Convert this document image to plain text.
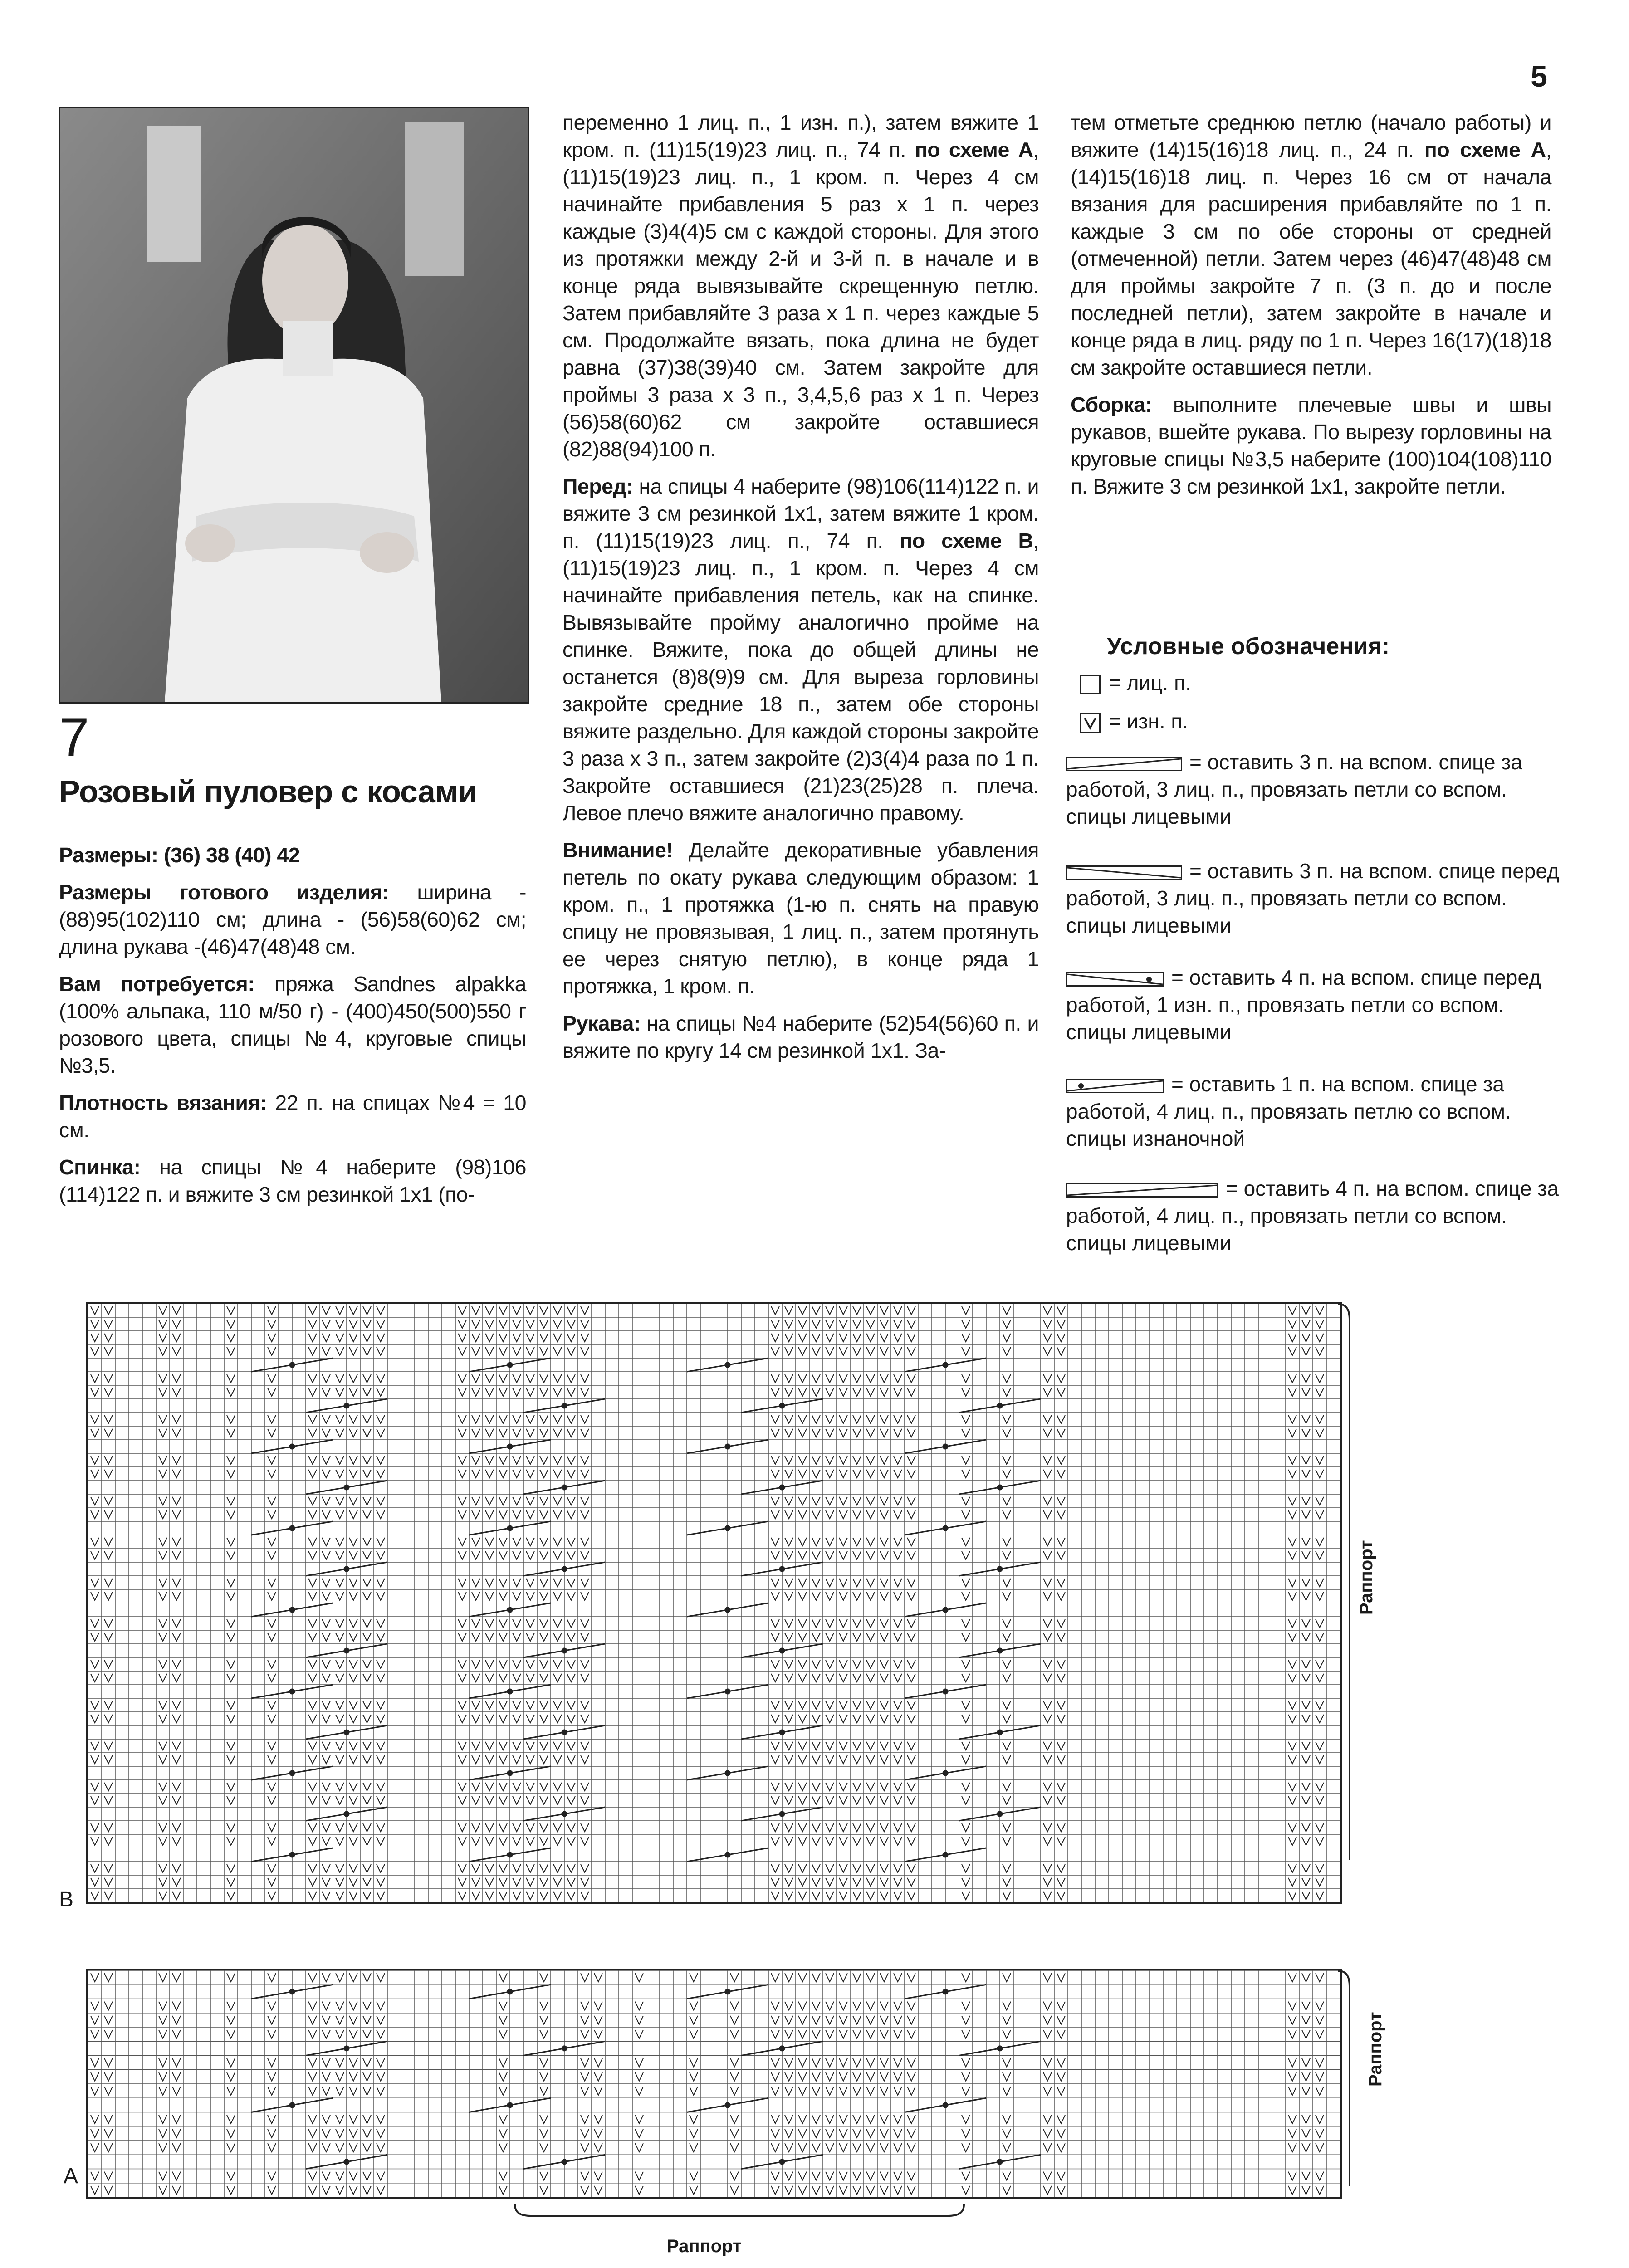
5
7
Розовый пуловер с косами

Размеры: (36) 38 (40) 42

Размеры готового изделия: ширина - (88)95(102)110 см; длина - (56)58(60)62 см; длина рукава -(46)47(48)48 см.

Вам потребуется: пряжа Sandnes alpakka (100% альпака, 110 м/50 г) - (400)450(500)550 г розового цвета, спицы №4, круговые спицы №3,5.

Плотность вязания: 22 п. на спицах №4 = 10 см.

Спинка: на спицы №4 наберите (98)106 (114)122 п. и вяжите 3 см резинкой 1x1 (по-

переменно 1 лиц. п., 1 изн. п.), затем вяжите 1 кром. п. (11)15(19)23 лиц. п., 74 п. по схеме А, (11)15(19)23 лиц. п., 1 кром. п. Через 4 см начинайте прибавления 5 раз x 1 п. через каждые (3)4(4)5 см с каждой стороны. Для этого из протяжки между 2-й и 3-й п. в начале и в конце ряда вывязывайте скрещенную петлю. Затем прибавляйте 3 раза x 1 п. через каждые 5 см. Продолжайте вязать, пока длина не будет равна (37)38(39)40 см. Затем закройте для проймы 3 раза x 3 п., 3,4,5,6 раз x 1 п. Через (56)58(60)62 см закройте оставшиеся (82)88(94)100 п.

Перед: на спицы 4 наберите (98)106(114)122 п. и вяжите 3 см резинкой 1x1, затем вяжите 1 кром. п. (11)15(19)23 лиц. п., 74 п. по схеме В, (11)15(19)23 лиц. п., 1 кром. п. Через 4 см начинайте прибавления петель, как на спинке. Вывязывайте пройму аналогично пройме на спинке. Вяжите, пока до общей длины не останется (8)8(9)9 см. Для выреза горловины закройте средние 18 п., затем обе стороны вяжите раздельно. Для каждой стороны закройте 3 раза x 3 п., затем закройте (2)3(4)4 раза по 1 п. Закройте оставшиеся (21)23(25)28 п. плеча. Левое плечо вяжите аналогично правому.

Внимание! Делайте декоративные убавления петель по окату рукава следующим образом: 1 кром. п., 1 протяжка (1-ю п. снять на правую спицу не провязывая, 1 лиц. п., затем протянуть ее через снятую петлю), в конце ряда 1 протяжка, 1 кром. п.

Рукава: на спицы №4 наберите (52)54(56)60 п. и вяжите по кругу 14 см резинкой 1x1. За-

тем отметьте среднюю петлю (начало работы) и вяжите (14)15(16)18 лиц. п., 24 п. по схеме А, (14)15(16)18 лиц. п. Через 16 см от начала вязания для расширения прибавляйте по 1 п. каждые 3 см по обе стороны от средней (отмеченной) петли. Затем через (46)47(48)48 см для проймы закройте 7 п. (3 п. до и после последней петли), затем закройте в начале и конце ряда в лиц. ряду по 1 п. Через 16(17)(18)18 см закройте оставшиеся петли.

Сборка: выполните плечевые швы и швы рукавов, вшейте рукава. По вырезу горловины на круговые спицы №3,5 наберите (100)104(108)110 п. Вяжите 3 см резинкой 1x1, закройте петли.

Условные обозначения:
= лиц. п.
= изн. п.
= оставить 3 п. на вспом. спице за работой, 3 лиц. п., провязать петли со вспом. спицы лицевыми
= оставить 3 п. на вспом. спице перед работой, 3 лиц. п., провязать петли со вспом. спицы лицевыми
= оставить 4 п. на вспом. спице перед работой, 1 изн. п., провязать петли со вспом. спицы лицевыми
= оставить 1 п. на вспом. спице за работой, 4 лиц. п., провязать петлю со вспом. спицы изнаночной
= оставить 4 п. на вспом. спице за работой, 4 лиц. п., провязать петли со вспом. спицы лицевыми
В
Раппорт
А
Раппорт
Раппорт
